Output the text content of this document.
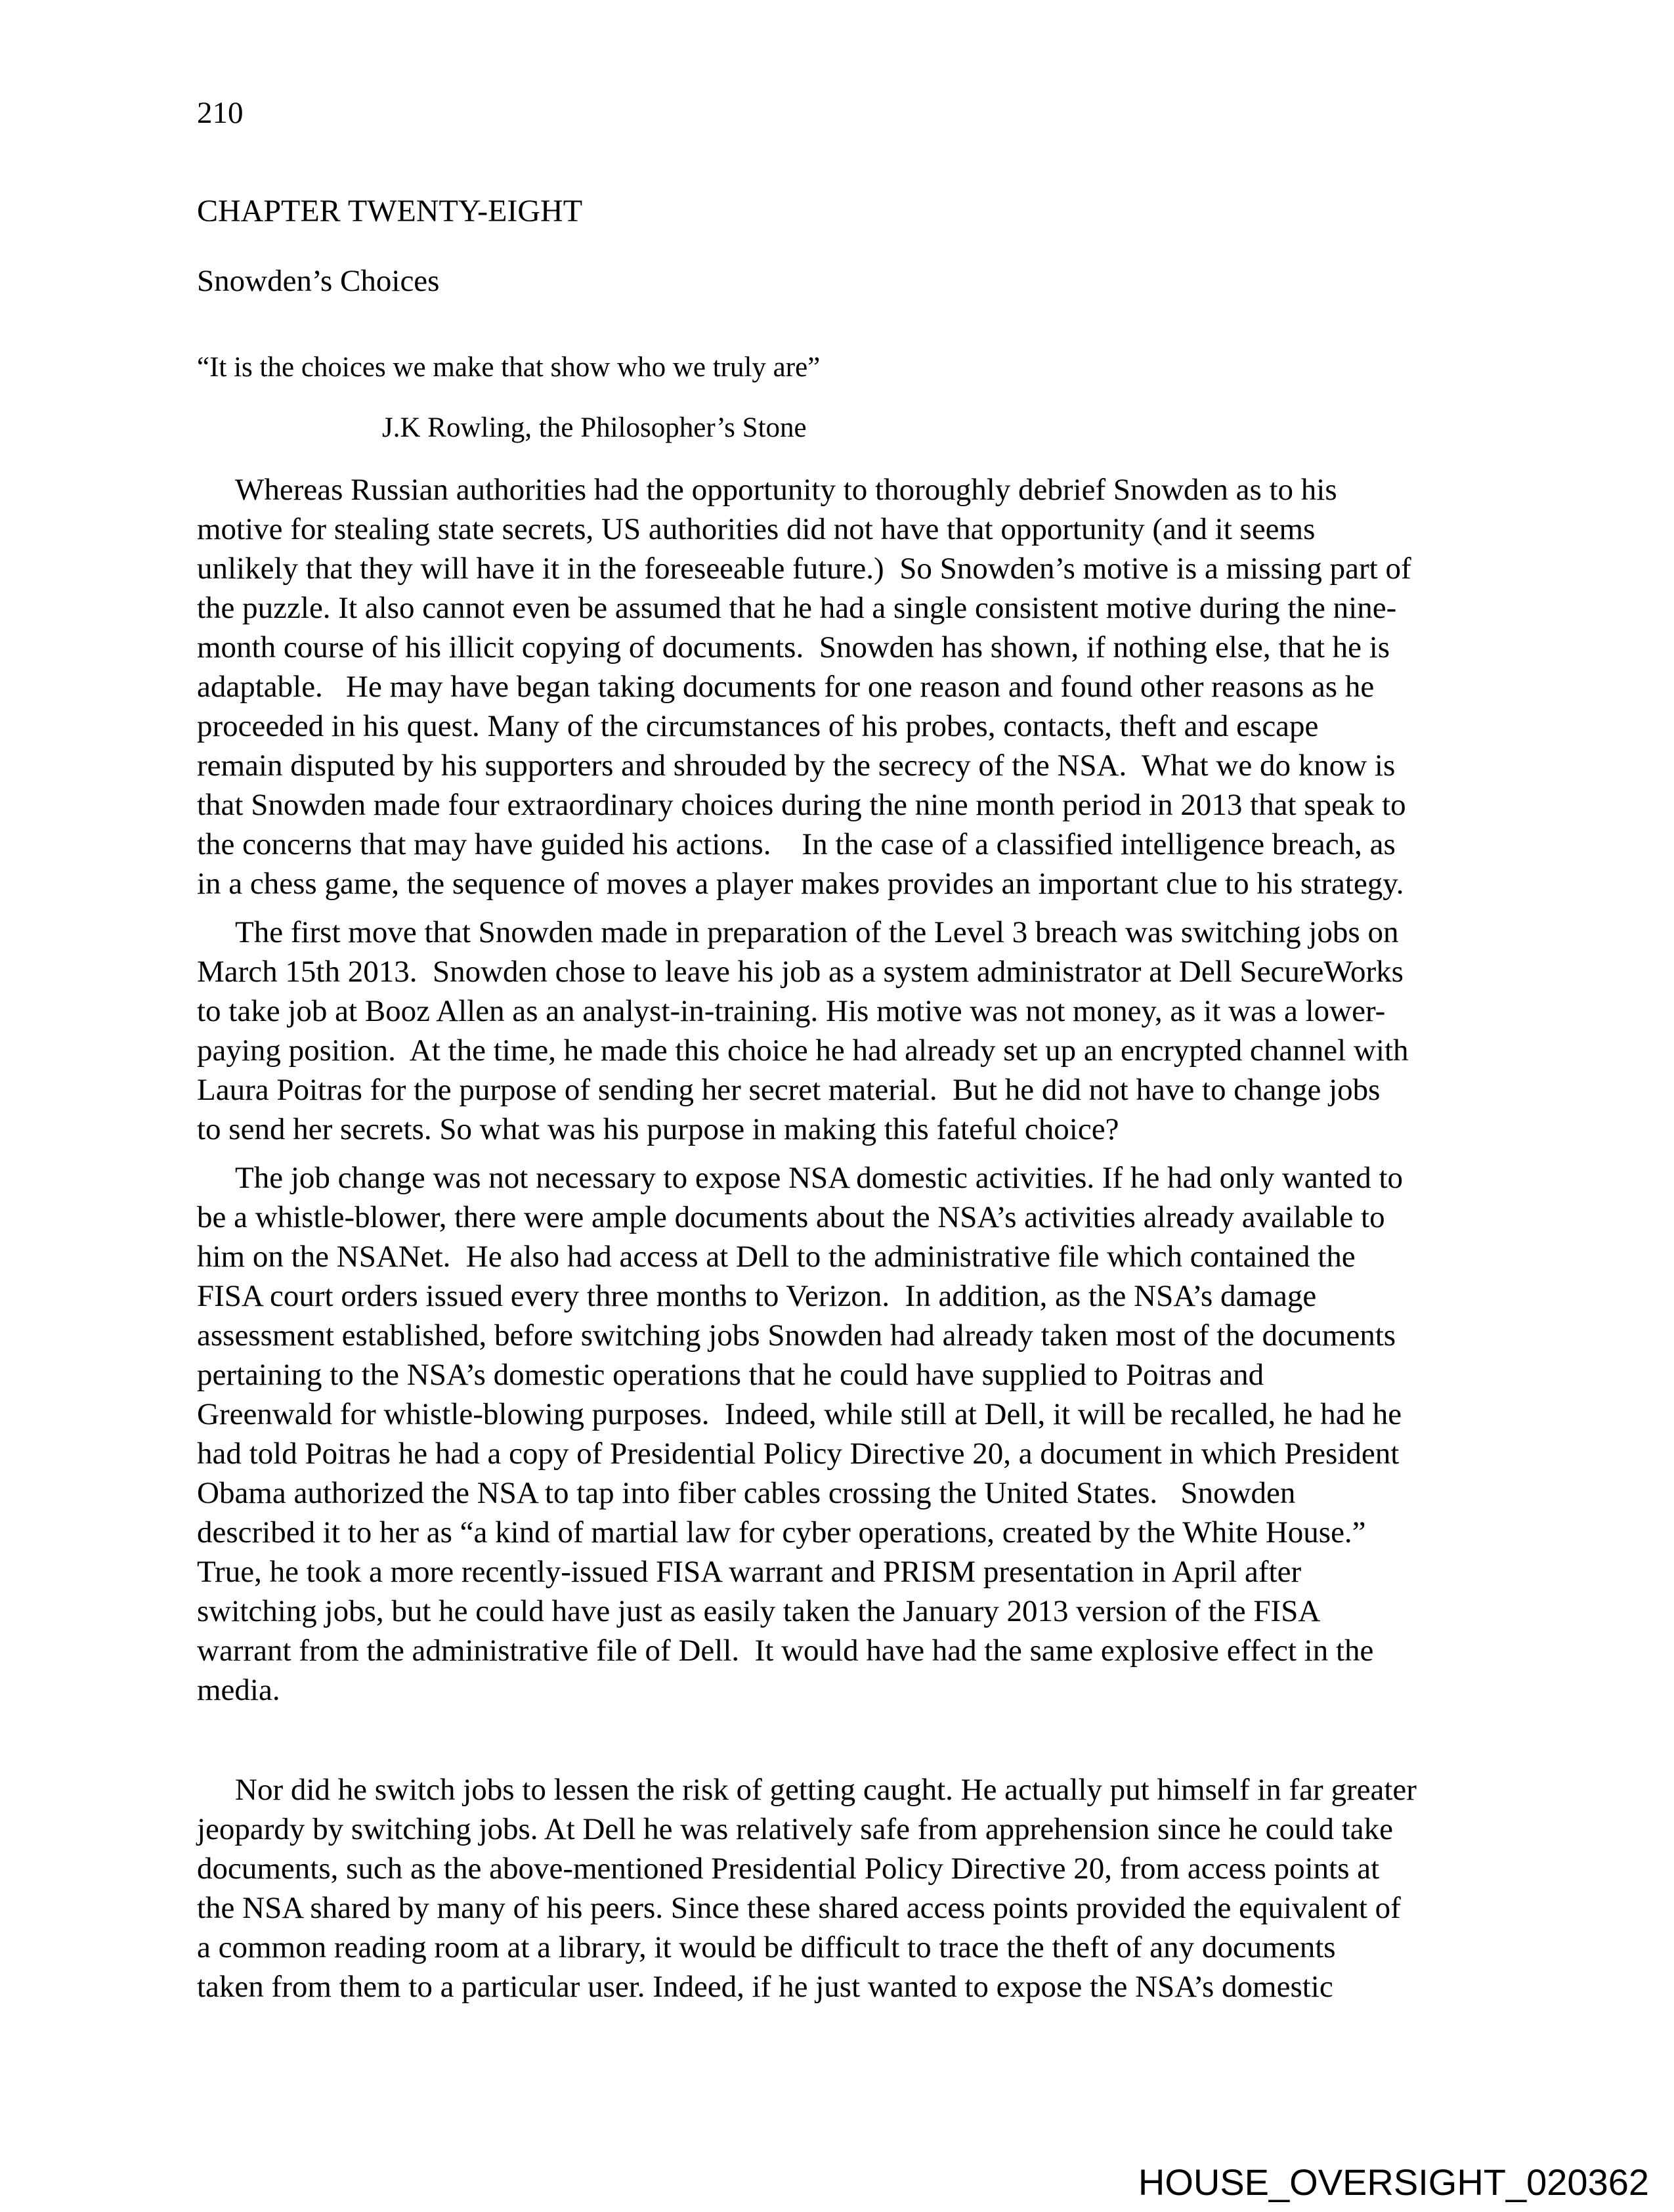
210
CHAPTER TWENTY-EIGHT
Snowden’s Choices
“It is the choices we make that show who we truly are”
J.K Rowling, the Philosopher’s Stone
Whereas Russian authorities had the opportunity to thoroughly debrief Snowden as to his
motive for stealing state secrets, US authorities did not have that opportunity (and it seems
unlikely that they will have it in the foreseeable future.)  So Snowden’s motive is a missing part of
the puzzle. It also cannot even be assumed that he had a single consistent motive during the nine-
month course of his illicit copying of documents.  Snowden has shown, if nothing else, that he is
adaptable.   He may have began taking documents for one reason and found other reasons as he
proceeded in his quest. Many of the circumstances of his probes, contacts, theft and escape
remain disputed by his supporters and shrouded by the secrecy of the NSA.  What we do know is
that Snowden made four extraordinary choices during the nine month period in 2013 that speak to
the concerns that may have guided his actions.    In the case of a classified intelligence breach, as
in a chess game, the sequence of moves a player makes provides an important clue to his strategy.
The first move that Snowden made in preparation of the Level 3 breach was switching jobs on
March 15th 2013.  Snowden chose to leave his job as a system administrator at Dell SecureWorks
to take job at Booz Allen as an analyst-in-training. His motive was not money, as it was a lower-
paying position.  At the time, he made this choice he had already set up an encrypted channel with
Laura Poitras for the purpose of sending her secret material.  But he did not have to change jobs
to send her secrets. So what was his purpose in making this fateful choice?
The job change was not necessary to expose NSA domestic activities. If he had only wanted to
be a whistle-blower, there were ample documents about the NSA’s activities already available to
him on the NSANet.  He also had access at Dell to the administrative file which contained the
FISA court orders issued every three months to Verizon.  In addition, as the NSA’s damage
assessment established, before switching jobs Snowden had already taken most of the documents
pertaining to the NSA’s domestic operations that he could have supplied to Poitras and
Greenwald for whistle-blowing purposes.  Indeed, while still at Dell, it will be recalled, he had he
had told Poitras he had a copy of Presidential Policy Directive 20, a document in which President
Obama authorized the NSA to tap into fiber cables crossing the United States.   Snowden
described it to her as “a kind of martial law for cyber operations, created by the White House.”
True, he took a more recently-issued FISA warrant and PRISM presentation in April after
switching jobs, but he could have just as easily taken the January 2013 version of the FISA
warrant from the administrative file of Dell.  It would have had the same explosive effect in the
media.
Nor did he switch jobs to lessen the risk of getting caught. He actually put himself in far greater
jeopardy by switching jobs. At Dell he was relatively safe from apprehension since he could take
documents, such as the above-mentioned Presidential Policy Directive 20, from access points at
the NSA shared by many of his peers. Since these shared access points provided the equivalent of
a common reading room at a library, it would be difficult to trace the theft of any documents
taken from them to a particular user. Indeed, if he just wanted to expose the NSA’s domestic
HOUSE_OVERSIGHT_020362
